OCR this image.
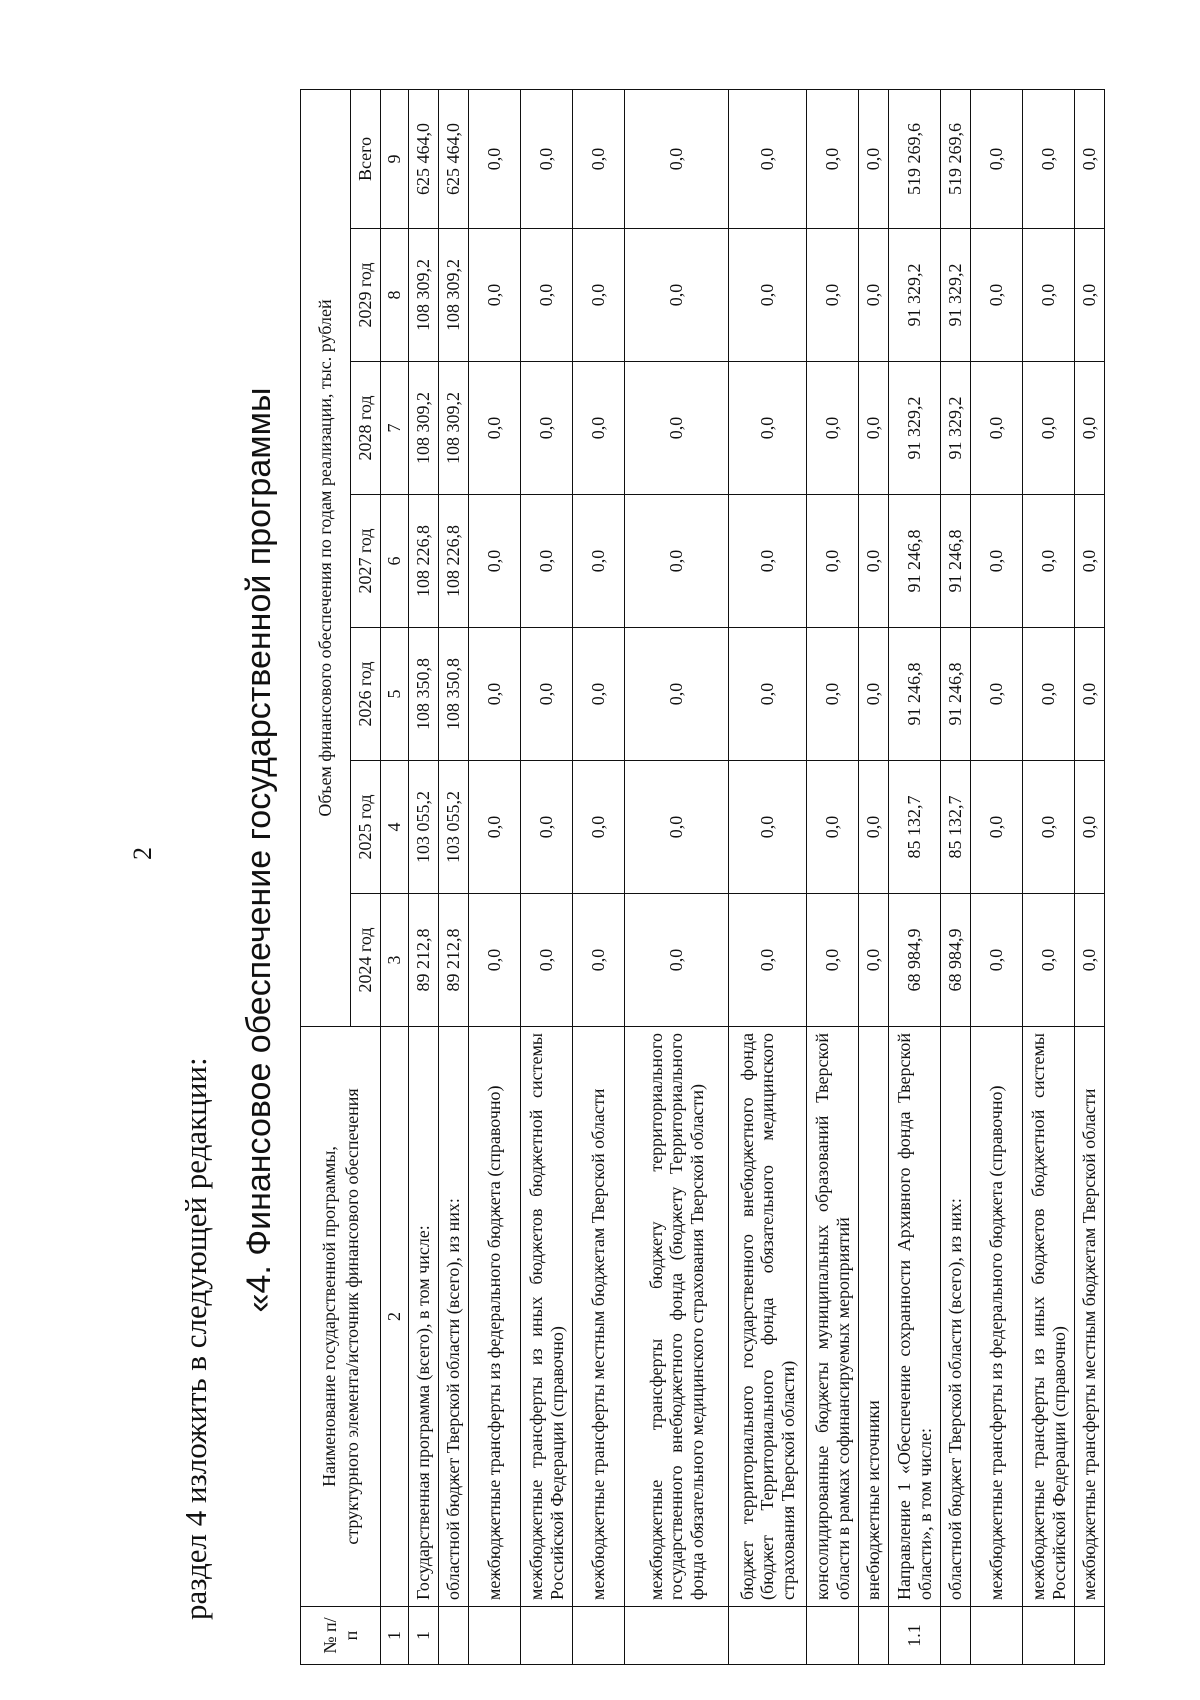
2
раздел 4 изложить в следующей редакции:
«4. Финансовое обеспечение государственной программы
№ п/п	Наименование государственной программы, структурного элемента/источник финансового обеспечения	Объем финансового обеспечения по годам реализации, тыс. рублей						
		2024 год	2025 год	2026 год	2027 год	2028 год	2029 год	Всего
1	2	3	4	5	6	7	8	9
1	Государственная программа (всего), в том числе:	89 212,8	103 055,2	108 350,8	108 226,8	108 309,2	108 309,2	625 464,0
	областной бюджет Тверской области (всего), из них:	89 212,8	103 055,2	108 350,8	108 226,8	108 309,2	108 309,2	625 464,0
	межбюджетные трансферты из федерального бюджета (справочно)	0,0	0,0	0,0	0,0	0,0	0,0	0,0
	межбюджетные трансферты из иных бюджетов бюджетной системы Российской Федерации (справочно)	0,0	0,0	0,0	0,0	0,0	0,0	0,0
	межбюджетные трансферты местным бюджетам Тверской области	0,0	0,0	0,0	0,0	0,0	0,0	0,0
	межбюджетные трансферты бюджету территориального государственного внебюджетного фонда (бюджету Территориального фонда обязательного медицинского страхования Тверской области)	0,0	0,0	0,0	0,0	0,0	0,0	0,0
	бюджет территориального государственного внебюджетного фонда (бюджет Территориального фонда обязательного медицинского страхования Тверской области)	0,0	0,0	0,0	0,0	0,0	0,0	0,0
	консолидированные бюджеты муниципальных образований Тверской области в рамках софинансируемых мероприятий	0,0	0,0	0,0	0,0	0,0	0,0	0,0
	внебюджетные источники	0,0	0,0	0,0	0,0	0,0	0,0	0,0
1.1	Направление 1 «Обеспечение сохранности Архивного фонда Тверской области», в том числе:	68 984,9	85 132,7	91 246,8	91 246,8	91 329,2	91 329,2	519 269,6
	областной бюджет Тверской области (всего), из них:	68 984,9	85 132,7	91 246,8	91 246,8	91 329,2	91 329,2	519 269,6
	межбюджетные трансферты из федерального бюджета (справочно)	0,0	0,0	0,0	0,0	0,0	0,0	0,0
	межбюджетные трансферты из иных бюджетов бюджетной системы Российской Федерации (справочно)	0,0	0,0	0,0	0,0	0,0	0,0	0,0
	межбюджетные трансферты местным бюджетам Тверской области	0,0	0,0	0,0	0,0	0,0	0,0	0,0
